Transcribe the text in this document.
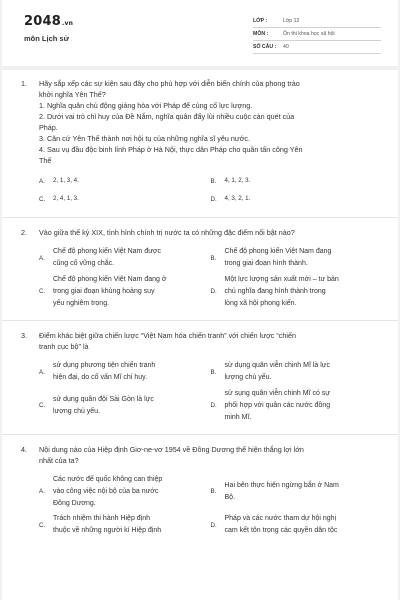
2048.vn
môn Lịch sử
LỚP :	Lớp 12
MÔN :	Ôn thi khoa học xã hội
SỐ CÂU :	40
1.	Hãy sắp xếp các sự kiện sau đây cho phù hợp với diễn biến chính của phong trào
khởi nghĩa Yên Thế?
1. Nghĩa quân chủ động giảng hòa với Pháp để củng cố lực lượng.
2. Dưới vai trò chỉ huy của Đề Nắm, nghĩa quân đẩy lùi nhiều cuộc càn quét của
Pháp.
3. Căn cứ Yên Thế thành nơi hội tụ của những nghĩa sĩ yêu nước.
4. Sau vụ đầu độc binh lính Pháp ở Hà Nội, thực dân Pháp cho quân tấn công Yên
Thế
A.	2, 1, 3, 4.	B.	4, 1, 2, 3.
C.	2, 4, 1, 3.	D.	4, 3, 2, 1.
2.	Vào giữa thế kỷ XIX, tình hình chính trị nước ta có những đặc điểm nổi bật nào?
A.
Chế độ phong kiến Việt Nam được
cũng cố vững chắc.
B.
Chế độ phong kiến Việt Nam đang
trong giai đoạn hình thành.
C.
Chế độ phong kiến Việt Nam đang ở
trong giai đoạn khủng hoảng suy
yếu nghiêm trọng.
D.
Một lực lượng sản xuất mới – tư bản
chủ nghĩa đang hình thành trong
lòng xã hội phong kiến.
3.	Điểm khác biệt giữa chiến lược “Việt Nam hóa chiến tranh” với chiến lược “chiến
tranh cục bộ” là
A.
sử dụng phương tiện chiến tranh
hiện đại, do cố vấn Mĩ chỉ huy.
B.
sử dụng quân viễn chinh Mĩ là lực
lượng chủ yếu.
C.
sử dụng quân đội Sài Gòn là lực
lượng chủ yếu.
D.
sử sụng quân viễn chinh Mĩ có sự
phối hợp với quân các nước đồng
minh Mĩ.
4.	Nội dung nào của Hiệp định Giơ-ne-vơ 1954 về Đông Dương thể hiện thắng lợi lớn
nhất của ta?
A.
Các nước đế quốc không can thiệp
vào công việc nội bộ của ba nước
Đông Dương.
B.
Hai bên thực hiện ngừng bắn ở Nam
Bộ.
C.
Trách nhiệm thi hành Hiệp định
thuộc về những người kí Hiệp định
D.
Pháp và các nước tham dự hội nghị
cam kết tôn trọng các quyền dân tộc
